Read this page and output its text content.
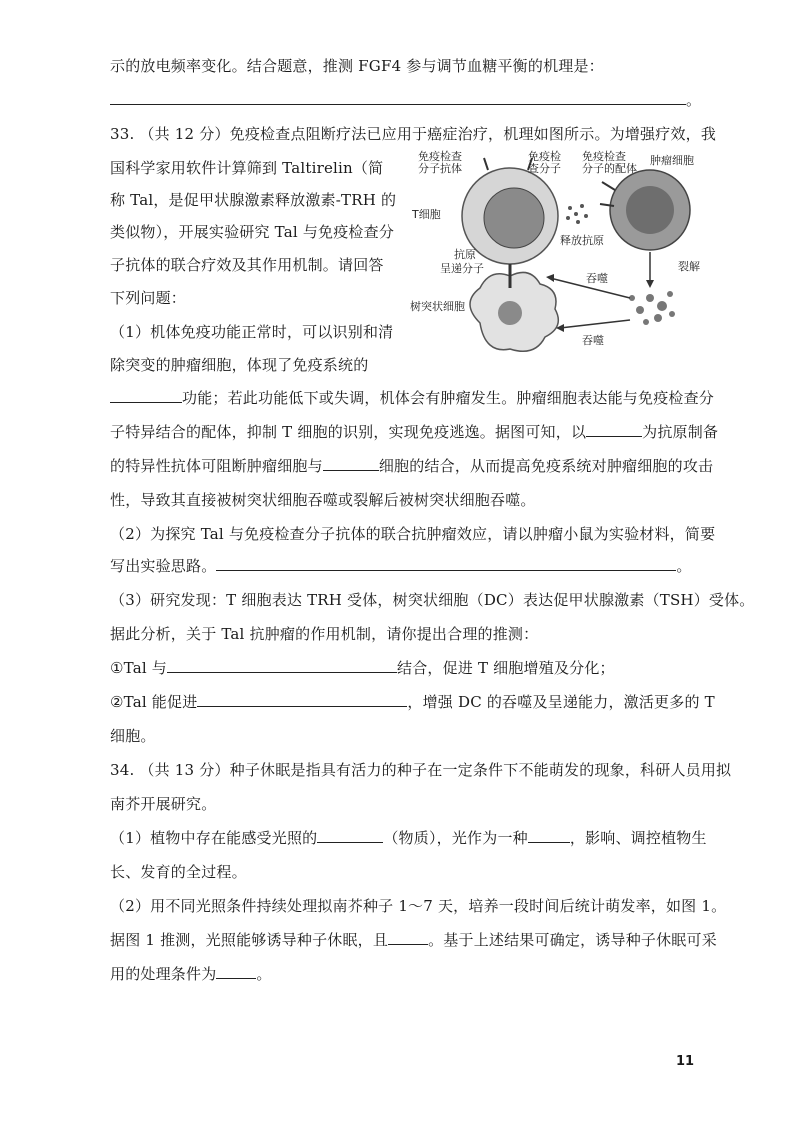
示的放电频率变化。结合题意，推测 FGF4 参与调节血糖平衡的机理是：
。
33. （共 12 分）免疫检查点阻断疗法已应用于癌症治疗，机理如图所示。为增强疗效，我
国科学家用软件计算筛到 Taltirelin（简
称 Tal，是促甲状腺激素释放激素-TRH 的
类似物），开展实验研究 Tal 与免疫检查分
子抗体的联合疗效及其作用机制。请回答
下列问题：
（1）机体免疫功能正常时，可以识别和清
除突变的肿瘤细胞，体现了免疫系统的
免疫检查
分子抗体
免疫检
查分子
免疫检查
分子的配体
肿瘤细胞
T细胞
释放抗原
裂解
吞噬
吞噬
抗原
呈递分子
树突状细胞
功能；若此功能低下或失调，机体会有肿瘤发生。肿瘤细胞表达能与免疫检查分
子特异结合的配体，抑制 T 细胞的识别，实现免疫逃逸。据图可知，以	为抗原制备
的特异性抗体可阻断肿瘤细胞与	细胞的结合，从而提高免疫系统对肿瘤细胞的攻击
性，导致其直接被树突状细胞吞噬或裂解后被树突状细胞吞噬。
（2）为探究 Tal 与免疫检查分子抗体的联合抗肿瘤效应，请以肿瘤小鼠为实验材料，简要
写出实验思路。	。
（3）研究发现：T 细胞表达 TRH 受体，树突状细胞（DC）表达促甲状腺激素（TSH）受体。
据此分析，关于 Tal 抗肿瘤的作用机制，请你提出合理的推测：
①Tal 与	结合，促进 T 细胞增殖及分化；
②Tal 能促进	，增强 DC 的吞噬及呈递能力，激活更多的 T
细胞。
34. （共 13 分）种子休眠是指具有活力的种子在一定条件下不能萌发的现象，科研人员用拟
南芥开展研究。
（1）植物中存在能感受光照的	（物质），光作为一种	，影响、调控植物生
长、发育的全过程。
（2）用不同光照条件持续处理拟南芥种子 1～7 天，培养一段时间后统计萌发率，如图 1。
据图 1 推测，光照能够诱导种子休眠，且	。基于上述结果可确定，诱导种子休眠可采
用的处理条件为	。
11
